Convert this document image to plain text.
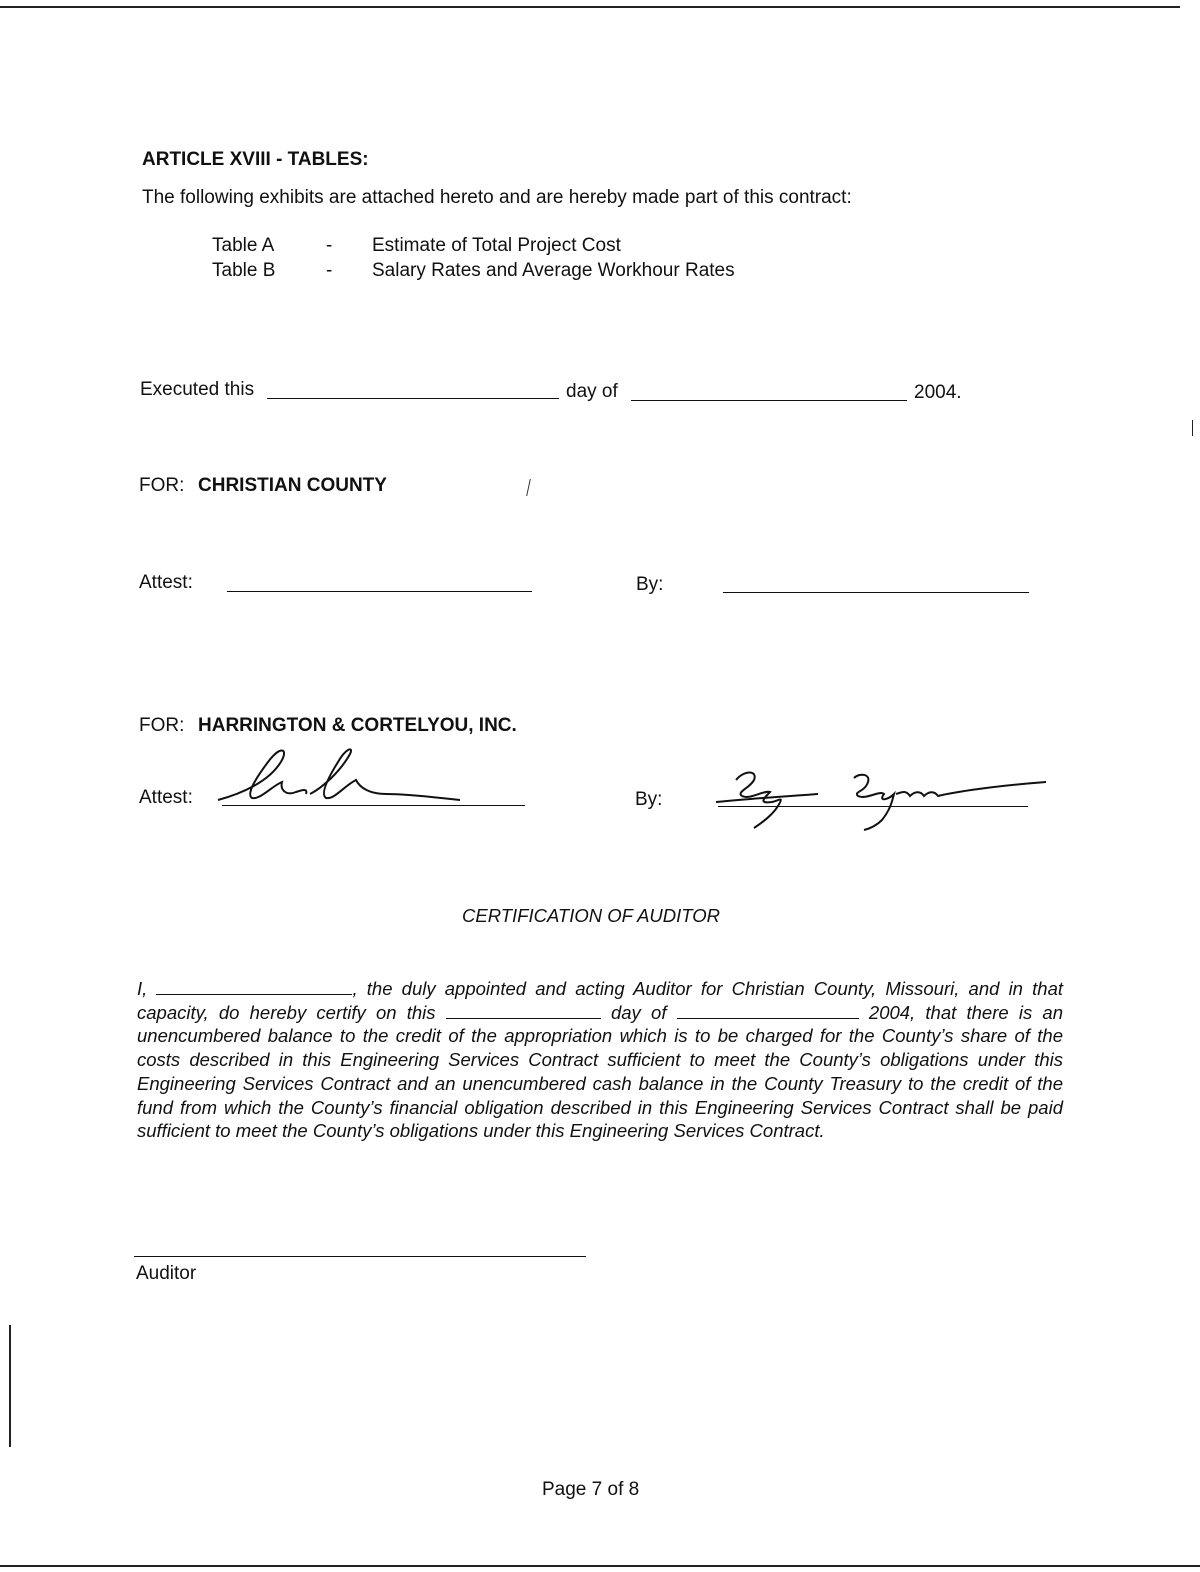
ARTICLE XVIII - TABLES:
The following exhibits are attached hereto and are hereby made part of this contract:
Table A	- Estimate of Total Project Cost
Table B	- Salary Rates and Average Workhour Rates
Executed this	day of	2004.
FOR: CHRISTIAN COUNTY
Attest:	By:
FOR: HARRINGTON & CORTELYOU, INC.
Attest:	By:
CERTIFICATION OF AUDITOR
I,	, the duly appointed and acting Auditor for Christian County, Missouri, and in that capacity, do hereby certify on this	day of	2004, that there is an unencumbered balance to the credit of the appropriation which is to be charged for the County’s share of the costs described in this Engineering Services Contract sufficient to meet the County’s obligations under this Engineering Services Contract and an unencumbered cash balance in the County Treasury to the credit of the fund from which the County’s financial obligation described in this Engineering Services Contract shall be paid sufficient to meet the County’s obligations under this Engineering Services Contract.
Auditor
Page 7 of 8
